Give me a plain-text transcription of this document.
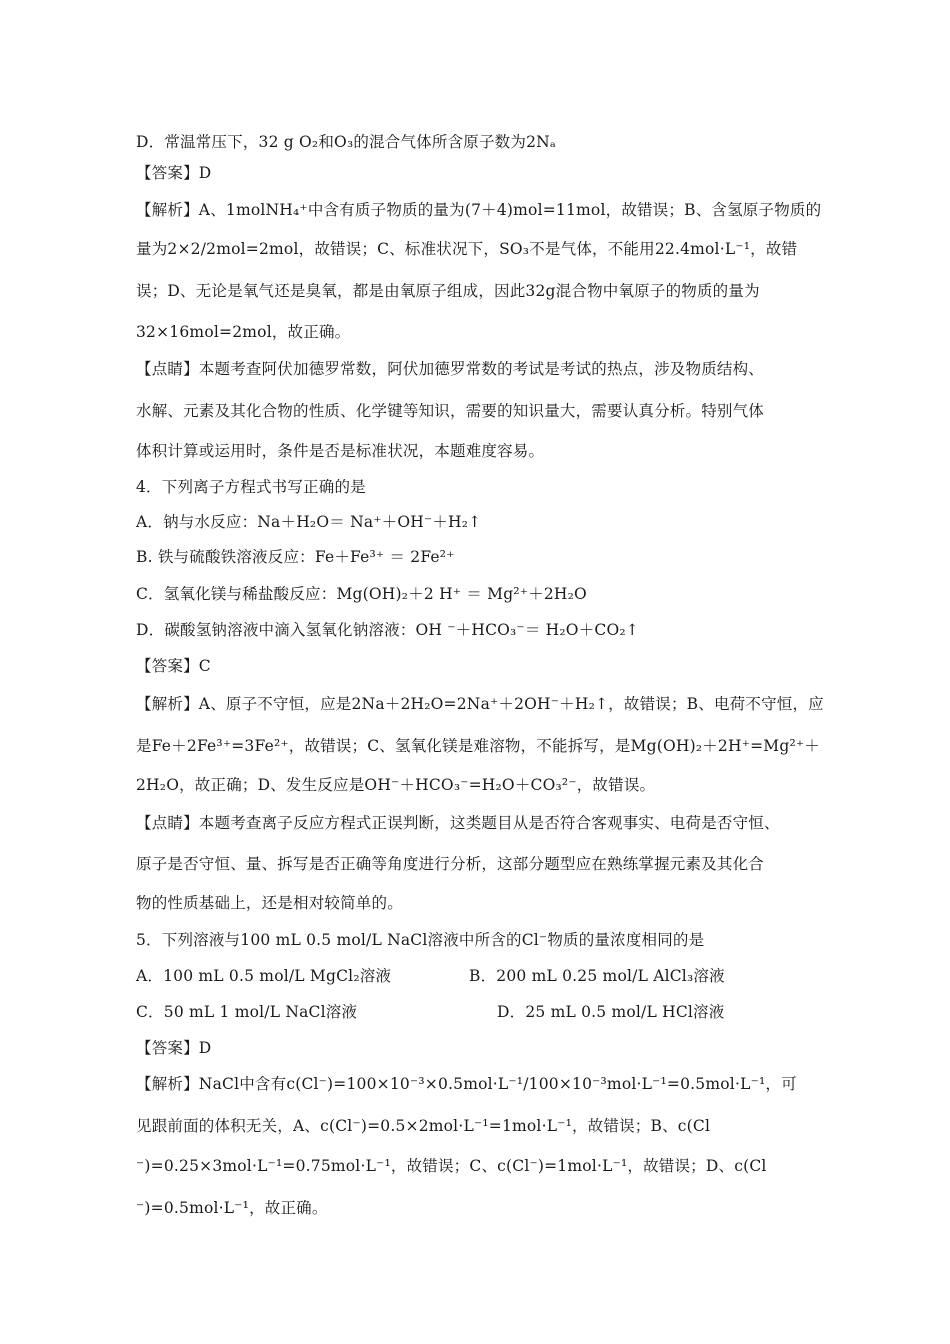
D．常温常压下，32 g O₂和O₃的混合气体所含原子数为2Nₐ
【答案】D
【解析】A、1molNH₄⁺中含有质子物质的量为(7＋4)mol=11mol，故错误；B、含氢原子物质的
量为2×2/2mol=2mol，故错误；C、标准状况下，SO₃不是气体，不能用22.4mol·L⁻¹，故错
误；D、无论是氧气还是臭氧，都是由氧原子组成，因此32g混合物中氧原子的物质的量为
32×16mol=2mol，故正确。
【点睛】本题考查阿伏加德罗常数，阿伏加德罗常数的考试是考试的热点，涉及物质结构、
水解、元素及其化合物的性质、化学键等知识，需要的知识量大，需要认真分析。特别气体
体积计算或运用时，条件是否是标准状况，本题难度容易。
4．下列离子方程式书写正确的是
A．钠与水反应：Na＋H₂O＝ Na⁺＋OH⁻＋H₂↑
B. 铁与硫酸铁溶液反应：Fe＋Fe³⁺ ＝ 2Fe²⁺
C．氢氧化镁与稀盐酸反应：Mg(OH)₂＋2 H⁺ ＝ Mg²⁺＋2H₂O
D．碳酸氢钠溶液中滴入氢氧化钠溶液：OH ⁻＋HCO₃⁻＝ H₂O＋CO₂↑
【答案】C
【解析】A、原子不守恒，应是2Na＋2H₂O=2Na⁺＋2OH⁻＋H₂↑，故错误；B、电荷不守恒，应
是Fe＋2Fe³⁺=3Fe²⁺，故错误；C、氢氧化镁是难溶物，不能拆写，是Mg(OH)₂＋2H⁺=Mg²⁺＋
2H₂O，故正确；D、发生反应是OH⁻＋HCO₃⁻=H₂O＋CO₃²⁻，故错误。
【点睛】本题考查离子反应方程式正误判断，这类题目从是否符合客观事实、电荷是否守恒、
原子是否守恒、量、拆写是否正确等角度进行分析，这部分题型应在熟练掌握元素及其化合
物的性质基础上，还是相对较简单的。
5．下列溶液与100 mL 0.5 mol/L NaCl溶液中所含的Cl⁻物质的量浓度相同的是
A．100 mL 0.5 mol/L MgCl₂溶液	B．200 mL 0.25 mol/L AlCl₃溶液
C．50 mL 1 mol/L NaCl溶液	D．25 mL 0.5 mol/L HCl溶液
【答案】D
【解析】NaCl中含有c(Cl⁻)=100×10⁻³×0.5mol·L⁻¹/100×10⁻³mol·L⁻¹=0.5mol·L⁻¹，可
见跟前面的体积无关，A、c(Cl⁻)=0.5×2mol·L⁻¹=1mol·L⁻¹，故错误；B、c(Cl
⁻)=0.25×3mol·L⁻¹=0.75mol·L⁻¹，故错误；C、c(Cl⁻)=1mol·L⁻¹，故错误；D、c(Cl
⁻)=0.5mol·L⁻¹，故正确。
